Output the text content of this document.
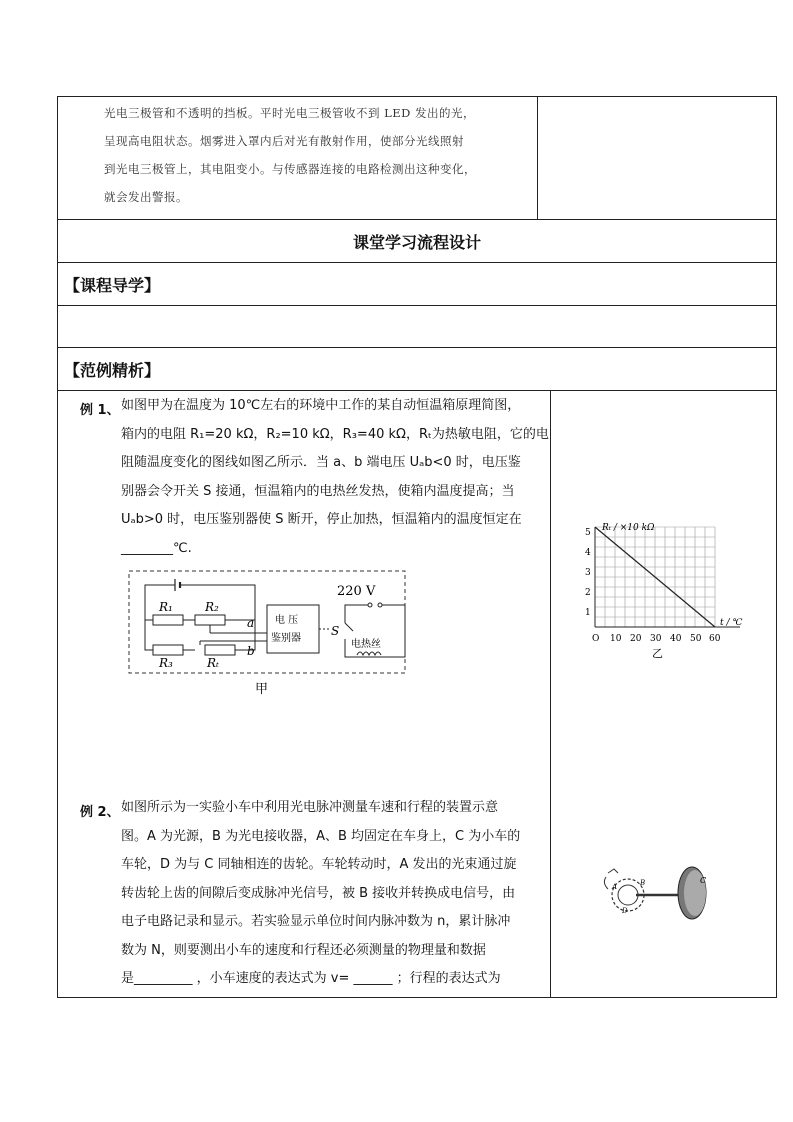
光电三极管和不透明的挡板。平时光电三极管收不到 LED 发出的光，
呈现高电阻状态。烟雾进入罩内后对光有散射作用，使部分光线照射
到光电三极管上，其电阻变小。与传感器连接的电路检测出这种变化，
就会发出警报。
课堂学习流程设计
【课程导学】
【范例精析】
例 1、 如图甲为在温度为 10℃左右的环境中工作的某自动恒温箱原理简图，
箱内的电阻 R₁=20 kΩ，R₂=10 kΩ，R₃=40 kΩ，Rₜ为热敏电阻，它的电
阻随温度变化的图线如图乙所示．当 a、b 端电压 Uₐb<0 时，电压鉴
别器会令开关 S 接通，恒温箱内的电热丝发热，使箱内温度提高；当
Uₐb>0 时，电压鉴别器使 S 断开，停止加热，恒温箱内的温度恒定在
________℃.
R₁	R₂
R₃	Rₜ
a
b
电 压
鉴别器
S
220 V
电热丝
甲
Rₜ / ×10 kΩ
t / ℃
O 10 20 30 40 50 60
1
2
3
4
5
乙
例 2、 如图所示为一实验小车中利用光电脉冲测量车速和行程的装置示意
图。A 为光源，B 为光电接收器，A、B 均固定在车身上，C 为小车的
车轮，D 为与 C 同轴相连的齿轮。车轮转动时，A 发出的光束通过旋
转齿轮上齿的间隙后变成脉冲光信号，被 B 接收并转换成电信号，由
电子电路记录和显示。若实验显示单位时间内脉冲数为 n，累计脉冲
数为 N，则要测出小车的速度和行程还必须测量的物理量和数据
是_________ ，小车速度的表达式为 v= ______ ；行程的表达式为
A	B	C
D
